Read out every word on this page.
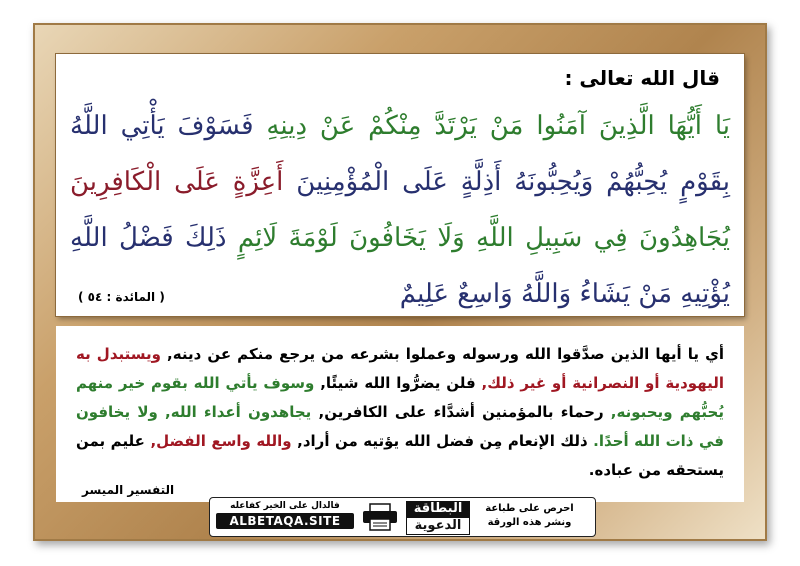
قال الله تعالى :
يَا أَيُّهَا الَّذِينَ آمَنُوا مَنْ يَرْتَدَّ مِنْكُمْ عَنْ دِينِهِ فَسَوْفَ يَأْتِي اللَّهُ بِقَوْمٍ يُحِبُّهُمْ وَيُحِبُّونَهُ أَذِلَّةٍ عَلَى الْمُؤْمِنِينَ أَعِزَّةٍ عَلَى الْكَافِرِينَ يُجَاهِدُونَ فِي سَبِيلِ اللَّهِ وَلَا يَخَافُونَ لَوْمَةَ لَائِمٍ ذَلِكَ فَضْلُ اللَّهِ يُؤْتِيهِ مَنْ يَشَاءُ وَاللَّهُ وَاسِعٌ عَلِيمٌ
( المائدة : ٥٤ )
أي يا أيها الذين صدَّقوا الله ورسوله وعملوا بشرعه من يرجع منكم عن دينه, ويستبدل به اليهودية أو النصرانية أو غير ذلك, فلن يضرُّوا الله شيئًا, وسوف يأتي الله بقوم خير منهم يُحبُّهم ويحبونه, رحماء بالمؤمنين أشدَّاء على الكافرين, يجاهدون أعداء الله, ولا يخافون في ذات الله أحدًا. ذلك الإنعام مِن فضل الله يؤتيه من أراد, والله واسع الفضل, عليم بمن يستحقه من عباده.
التفسير الميسر
فالدال على الخير كفاعله
ALBETAQA.SITE
البطاقة
الدعوية
احرص على طباعة
ونشر هذه الورقة
